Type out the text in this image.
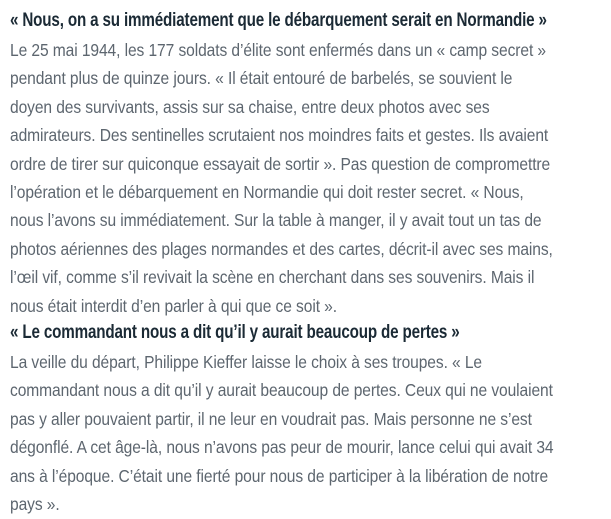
« Nous, on a su immédiatement que le débarquement serait en Normandie »
Le 25 mai 1944, les 177 soldats d’élite sont enfermés dans un « camp secret »
pendant plus de quinze jours. « Il était entouré de barbelés, se souvient le
doyen des survivants, assis sur sa chaise, entre deux photos avec ses
admirateurs. Des sentinelles scrutaient nos moindres faits et gestes. Ils avaient
ordre de tirer sur quiconque essayait de sortir ». Pas question de compromettre
l’opération et le débarquement en Normandie qui doit rester secret. « Nous,
nous l’avons su immédiatement. Sur la table à manger, il y avait tout un tas de
photos aériennes des plages normandes et des cartes, décrit-il avec ses mains,
l’œil vif, comme s’il revivait la scène en cherchant dans ses souvenirs. Mais il
nous était interdit d’en parler à qui que ce soit ».
« Le commandant nous a dit qu’il y aurait beaucoup de pertes »
La veille du départ, Philippe Kieffer laisse le choix à ses troupes. « Le
commandant nous a dit qu’il y aurait beaucoup de pertes. Ceux qui ne voulaient
pas y aller pouvaient partir, il ne leur en voudrait pas. Mais personne ne s’est
dégonflé. A cet âge-là, nous n’avons pas peur de mourir, lance celui qui avait 34
ans à l’époque. C’était une fierté pour nous de participer à la libération de notre
pays ».
